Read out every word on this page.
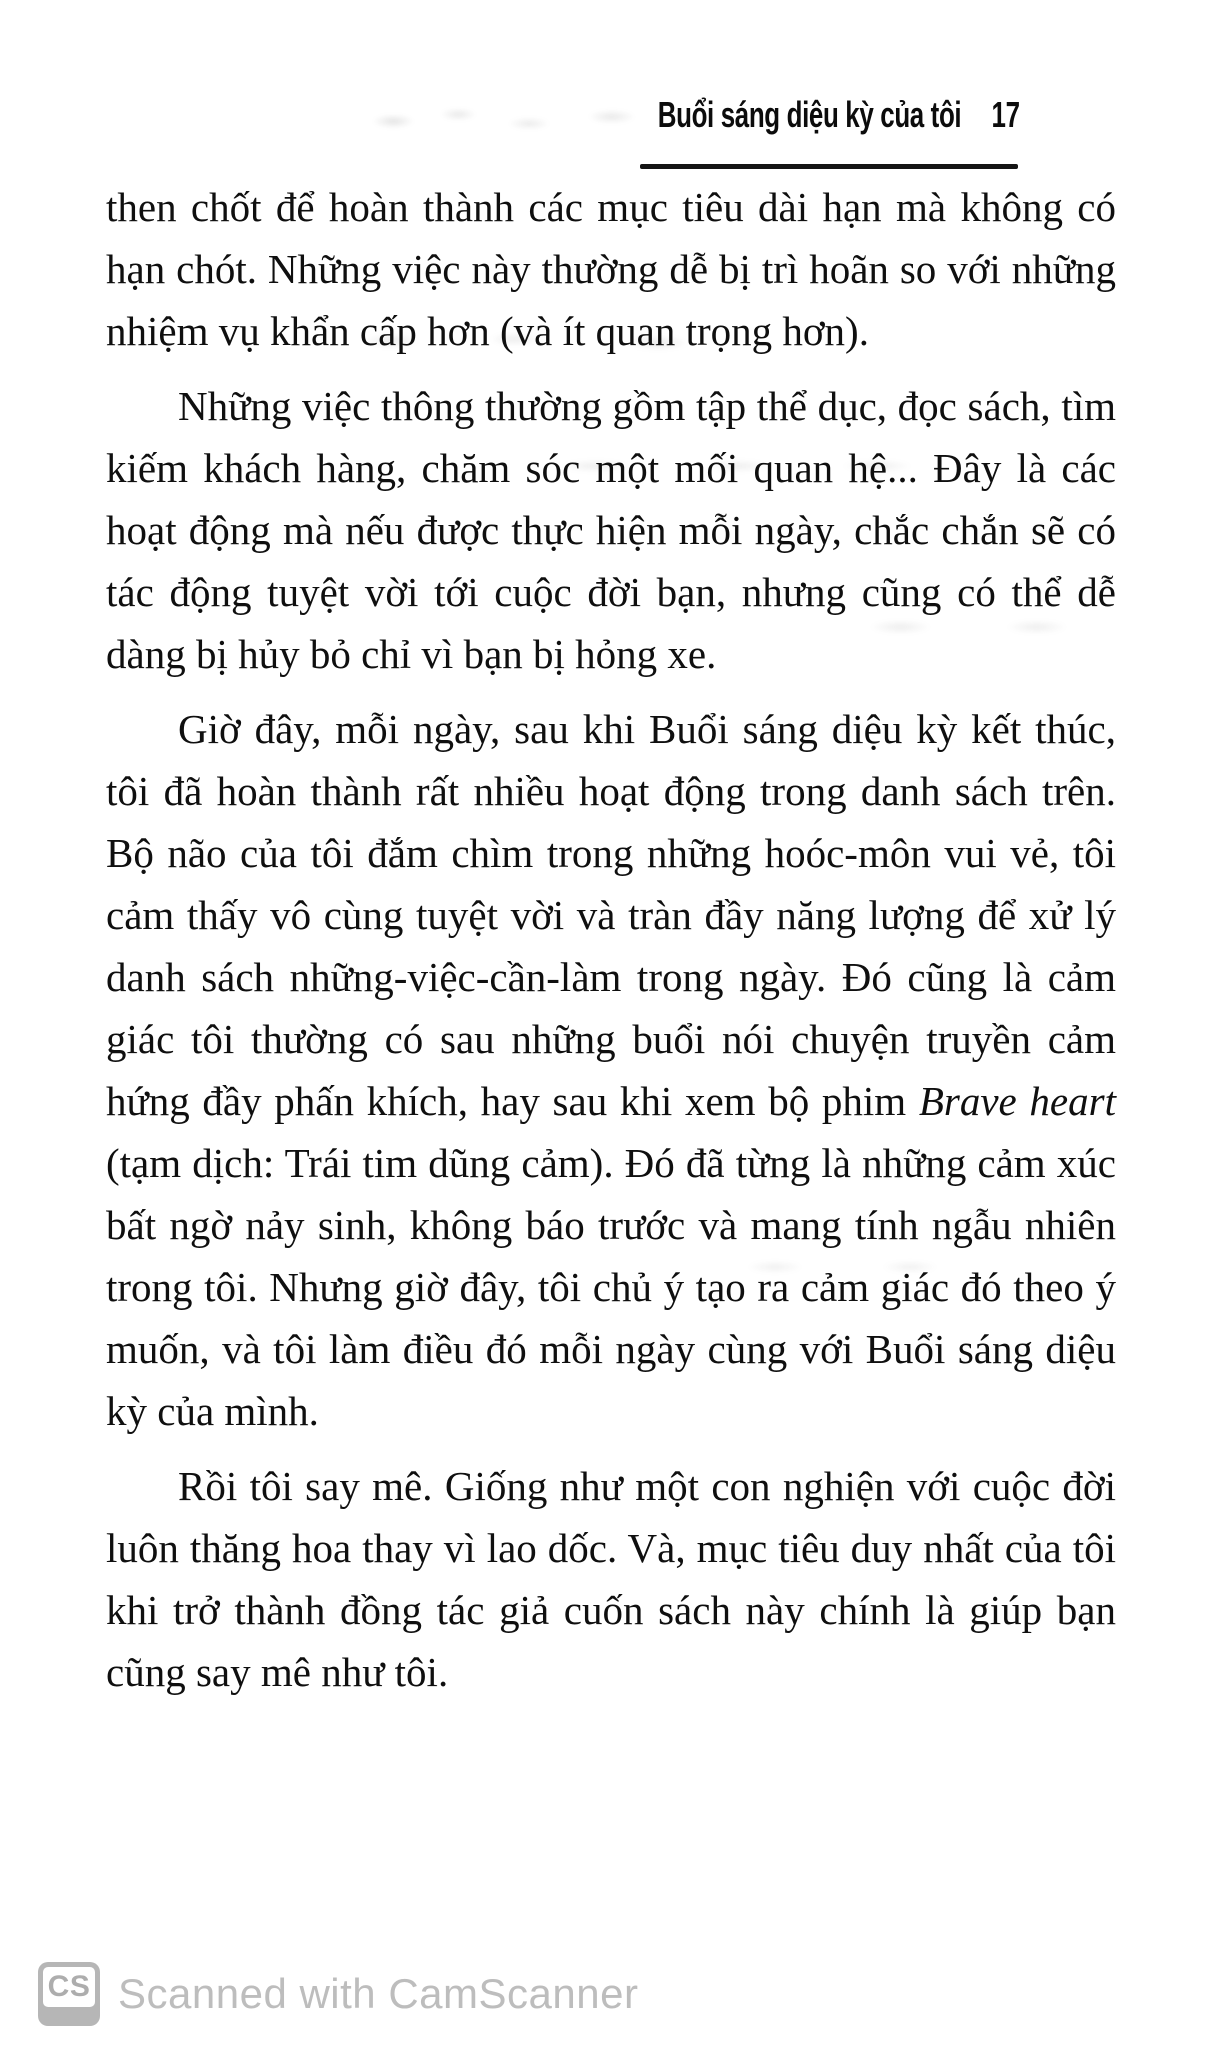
Buổi sáng diệu kỳ của tôi 17

then chốt để hoàn thành các mục tiêu dài hạn mà không có hạn chót. Những việc này thường dễ bị trì hoãn so với những nhiệm vụ khẩn cấp hơn (và ít quan trọng hơn).

Những việc thông thường gồm tập thể dục, đọc sách, tìm kiếm khách hàng, chăm sóc một mối quan hệ... Đây là các hoạt động mà nếu được thực hiện mỗi ngày, chắc chắn sẽ có tác động tuyệt vời tới cuộc đời bạn, nhưng cũng có thể dễ dàng bị hủy bỏ chỉ vì bạn bị hỏng xe.

Giờ đây, mỗi ngày, sau khi Buổi sáng diệu kỳ kết thúc, tôi đã hoàn thành rất nhiều hoạt động trong danh sách trên. Bộ não của tôi đắm chìm trong những hoóc-môn vui vẻ, tôi cảm thấy vô cùng tuyệt vời và tràn đầy năng lượng để xử lý danh sách những-việc-cần-làm trong ngày. Đó cũng là cảm giác tôi thường có sau những buổi nói chuyện truyền cảm hứng đầy phấn khích, hay sau khi xem bộ phim Brave heart (tạm dịch: Trái tim dũng cảm). Đó đã từng là những cảm xúc bất ngờ nảy sinh, không báo trước và mang tính ngẫu nhiên trong tôi. Nhưng giờ đây, tôi chủ ý tạo ra cảm giác đó theo ý muốn, và tôi làm điều đó mỗi ngày cùng với Buổi sáng diệu kỳ của mình.

Rồi tôi say mê. Giống như một con nghiện với cuộc đời luôn thăng hoa thay vì lao dốc. Và, mục tiêu duy nhất của tôi khi trở thành đồng tác giả cuốn sách này chính là giúp bạn cũng say mê như tôi.

CS Scanned with CamScanner
